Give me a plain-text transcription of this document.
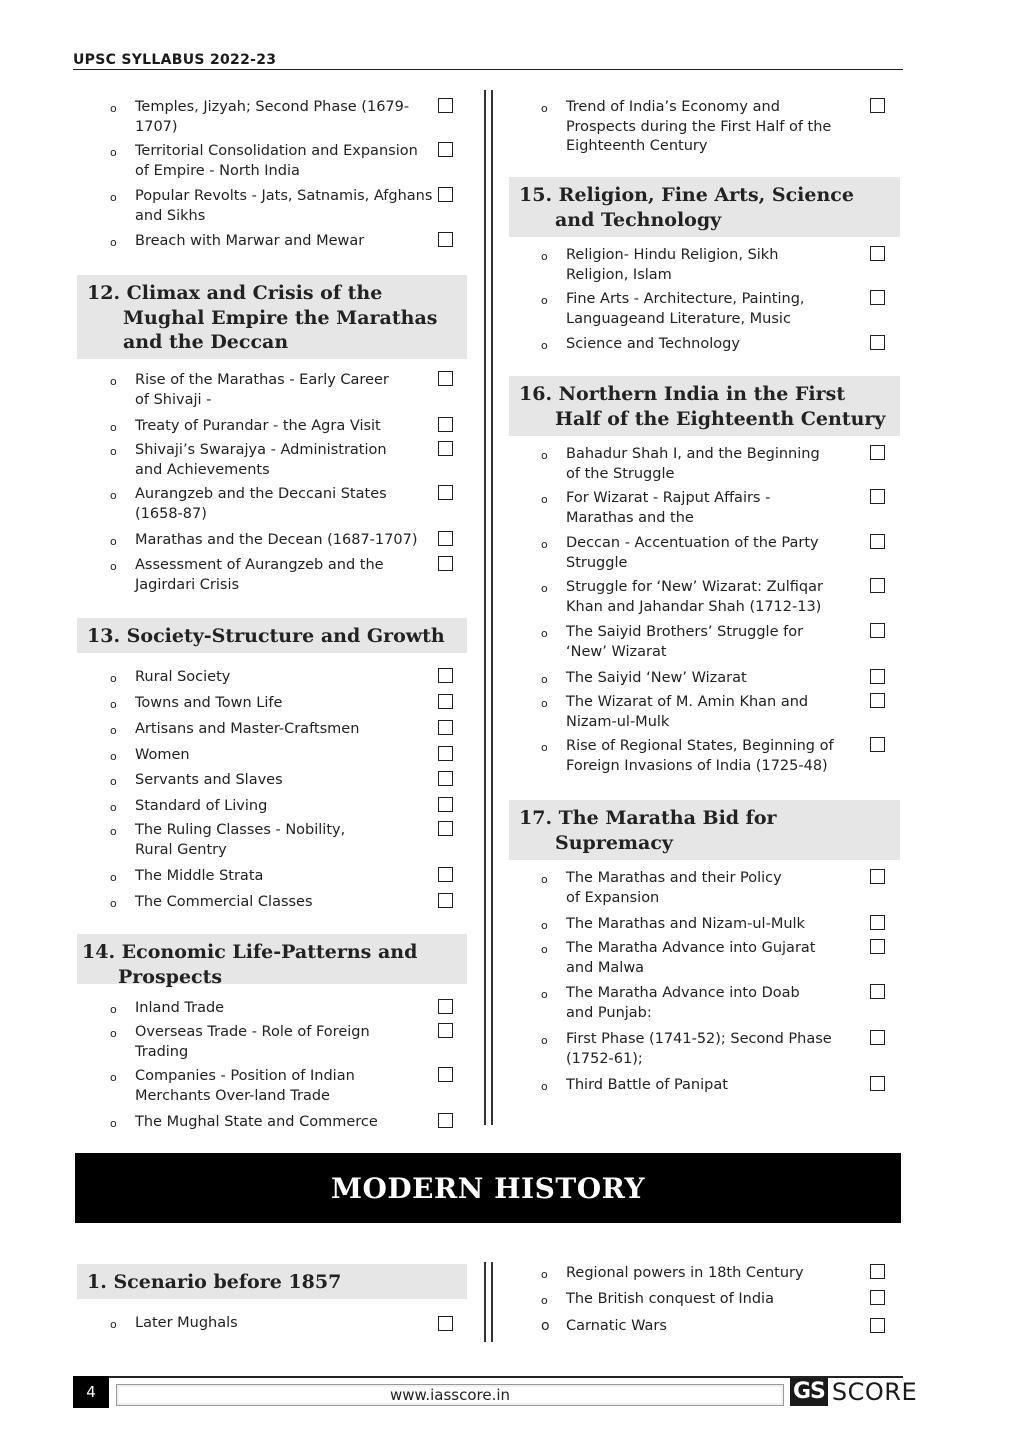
UPSC SYLLABUS 2022-23
o Temples, Jizyah; Second Phase (1679-1707)
o Territorial Consolidation and Expansion of Empire - North India
o Popular Revolts - Jats, Satnamis, Afghans and Sikhs
o Breach with Marwar and Mewar
12. Climax and Crisis of the Mughal Empire the Marathas and the Deccan
o Rise of the Marathas - Early Career of Shivaji -
o Treaty of Purandar - the Agra Visit
o Shivaji’s Swarajya - Administration and Achievements
o Aurangzeb and the Deccani States (1658-87)
o Marathas and the Decean (1687-1707)
o Assessment of Aurangzeb and the Jagirdari Crisis
13. Society-Structure and Growth
o Rural Society
o Towns and Town Life
o Artisans and Master-Craftsmen
o Women
o Servants and Slaves
o Standard of Living
o The Ruling Classes - Nobility, Rural Gentry
o The Middle Strata
o The Commercial Classes
14. Economic Life-Patterns and Prospects
o Inland Trade
o Overseas Trade - Role of Foreign Trading
o Companies - Position of Indian Merchants Over-land Trade
o The Mughal State and Commerce
o Trend of India’s Economy and Prospects during the First Half of the Eighteenth Century
15. Religion, Fine Arts, Science and Technology
o Religion- Hindu Religion, Sikh Religion, Islam
o Fine Arts - Architecture, Painting, Languageand Literature, Music
o Science and Technology
16. Northern India in the First Half of the Eighteenth Century
o Bahadur Shah I, and the Beginning of the Struggle
o For Wizarat - Rajput Affairs - Marathas and the
o Deccan - Accentuation of the Party Struggle
o Struggle for ‘New’ Wizarat: Zulfiqar Khan and Jahandar Shah (1712-13)
o The Saiyid Brothers’ Struggle for ‘New’ Wizarat
o The Saiyid ‘New’ Wizarat
o The Wizarat of M. Amin Khan and Nizam-ul-Mulk
o Rise of Regional States, Beginning of Foreign Invasions of India (1725-48)
17. The Maratha Bid for Supremacy
o The Marathas and their Policy of Expansion
o The Marathas and Nizam-ul-Mulk
o The Maratha Advance into Gujarat and Malwa
o The Maratha Advance into Doab and Punjab:
o First Phase (1741-52); Second Phase (1752-61);
o Third Battle of Panipat
MODERN HISTORY
1. Scenario before 1857
o Later Mughals
o Regional powers in 18th Century
o The British conquest of India
o Carnatic Wars
4	www.iasscore.in	GS SCORE
